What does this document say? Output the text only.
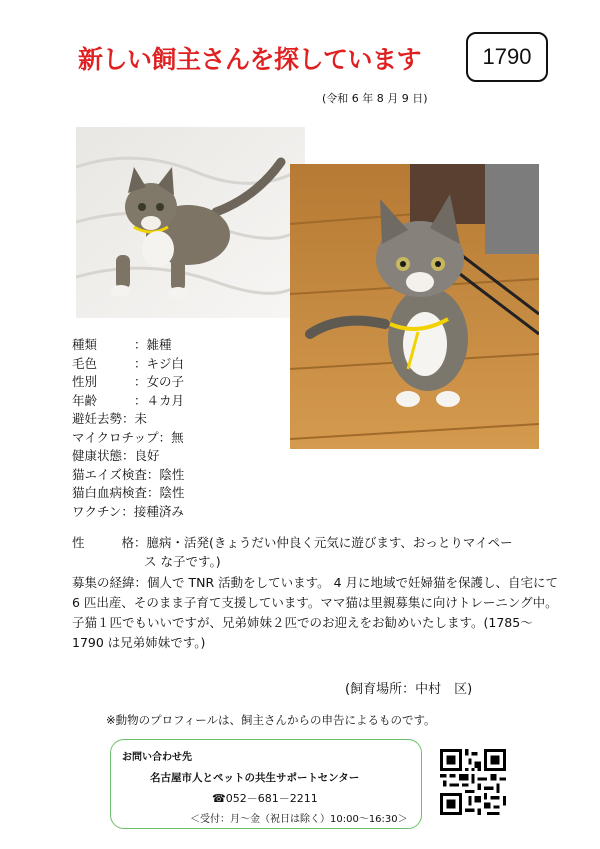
新しい飼主さんを探しています	1790
(令和 6 年 8 月 9 日)
種類	： 雑種
毛色	： キジ白
性別	： 女の子
年齢	： ４カ月
避妊去勢 ： 未
マイクロチップ ： 無
健康状態 ： 良好
猫エイズ検査 ： 陰性
猫白血病検査 ： 陰性
ワクチン ： 接種済み
性	格 ：臆病・活発(きょうだい仲良く元気に遊びます、おっとりマイペー
ス な子です。)
募集の経緯：個人で TNR 活動をしています。 4 月に地域で妊婦猫を保護し、自宅にて 6 匹出産、そのまま子育て支援しています。ママ猫は里親募集に向けトレーニング中。子猫１匹でもいいですが、兄弟姉妹２匹でのお迎えをお勧めいたします。(1785～1790 は兄弟姉妹です。)
(飼育場所：中村　区)
※動物のプロフィールは、飼主さんからの申告によるものです。
お問い合わせ先
名古屋市人とペットの共生サポートセンター
☎052－681－2211
＜受付：月～金（祝日は除く）10:00～16:30＞
